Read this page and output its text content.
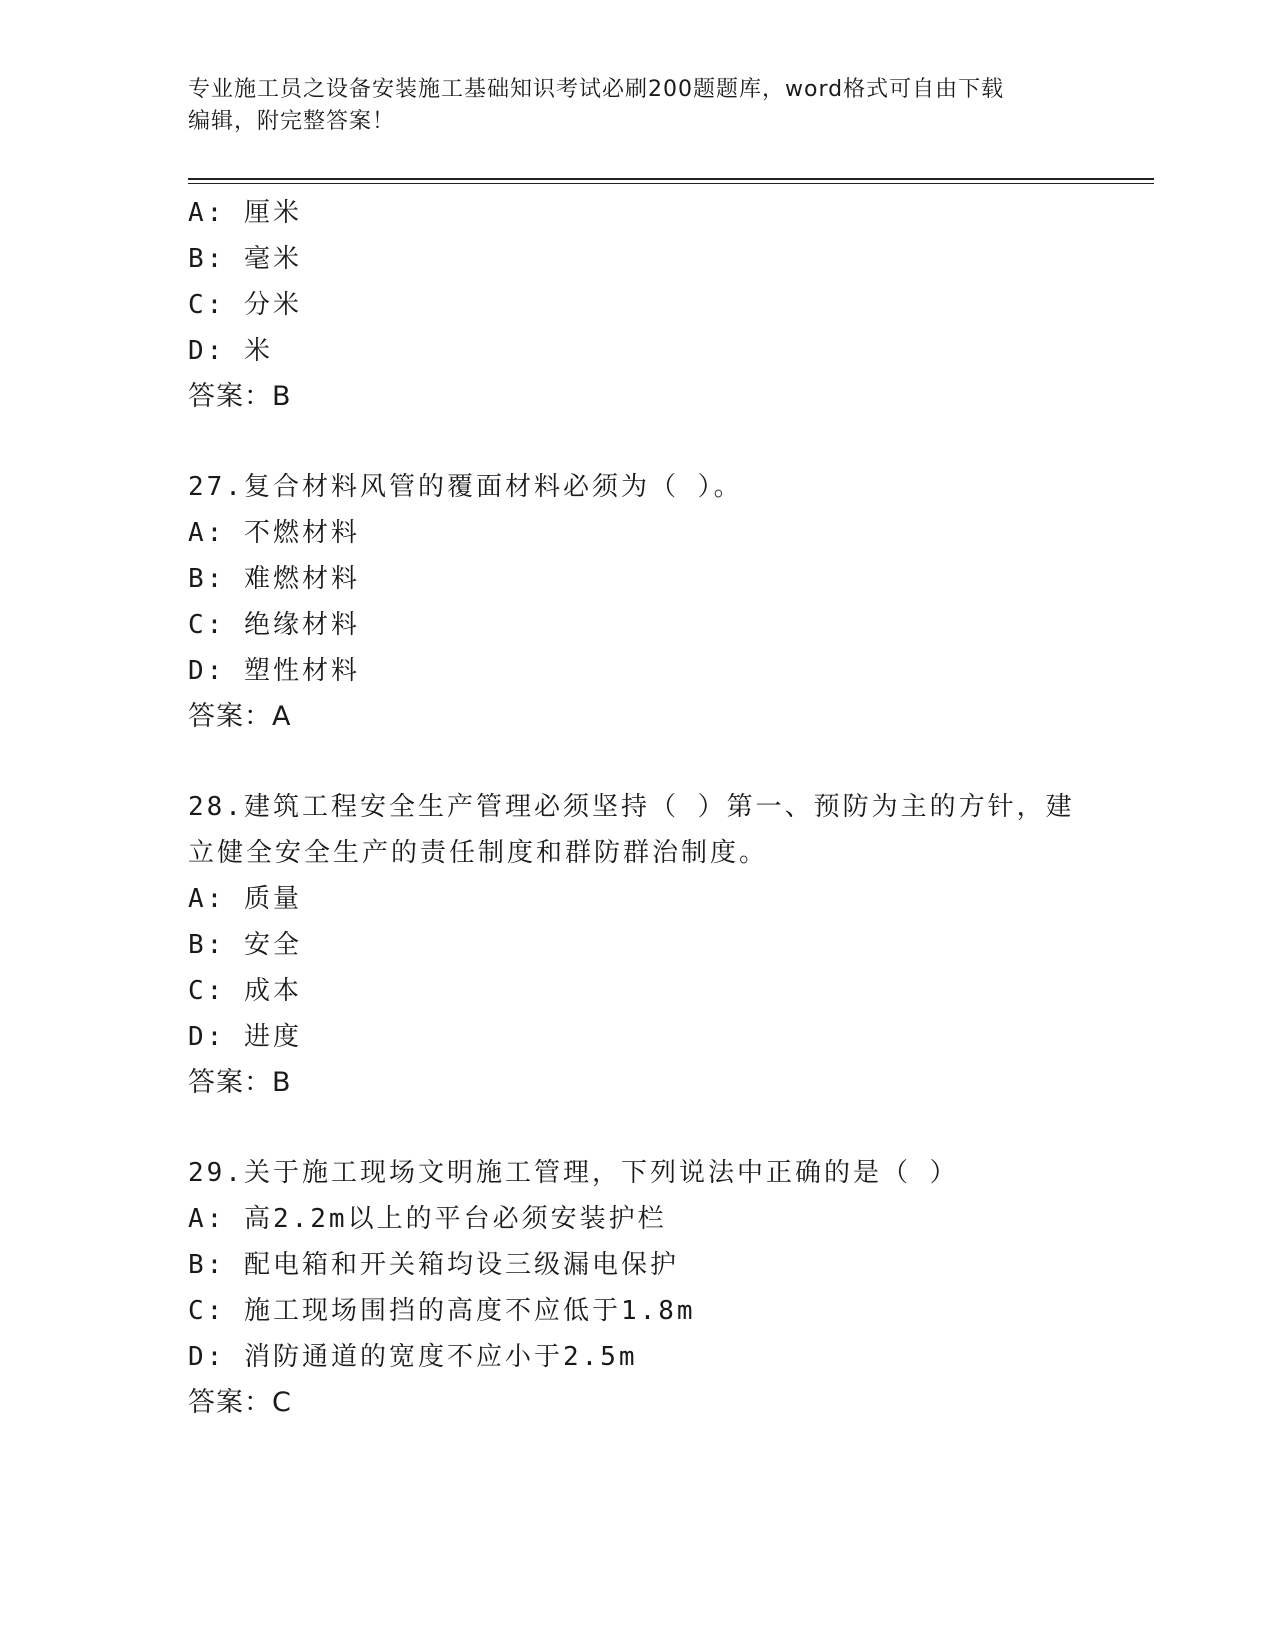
专业施工员之设备安装施工基础知识考试必刷200题题库，word格式可自由下载
编辑，附完整答案！
A: 厘米
B: 毫米
C: 分米
D: 米
答案：B
27.复合材料风管的覆面材料必须为（ ）。
A: 不燃材料
B: 难燃材料
C: 绝缘材料
D: 塑性材料
答案：A
28.建筑工程安全生产管理必须坚持（ ）第一、预防为主的方针，建
立健全安全生产的责任制度和群防群治制度。
A: 质量
B: 安全
C: 成本
D: 进度
答案：B
29.关于施工现场文明施工管理，下列说法中正确的是（ ）
A: 高2.2m以上的平台必须安装护栏
B: 配电箱和开关箱均设三级漏电保护
C: 施工现场围挡的高度不应低于1.8m
D: 消防通道的宽度不应小于2.5m
答案：C
